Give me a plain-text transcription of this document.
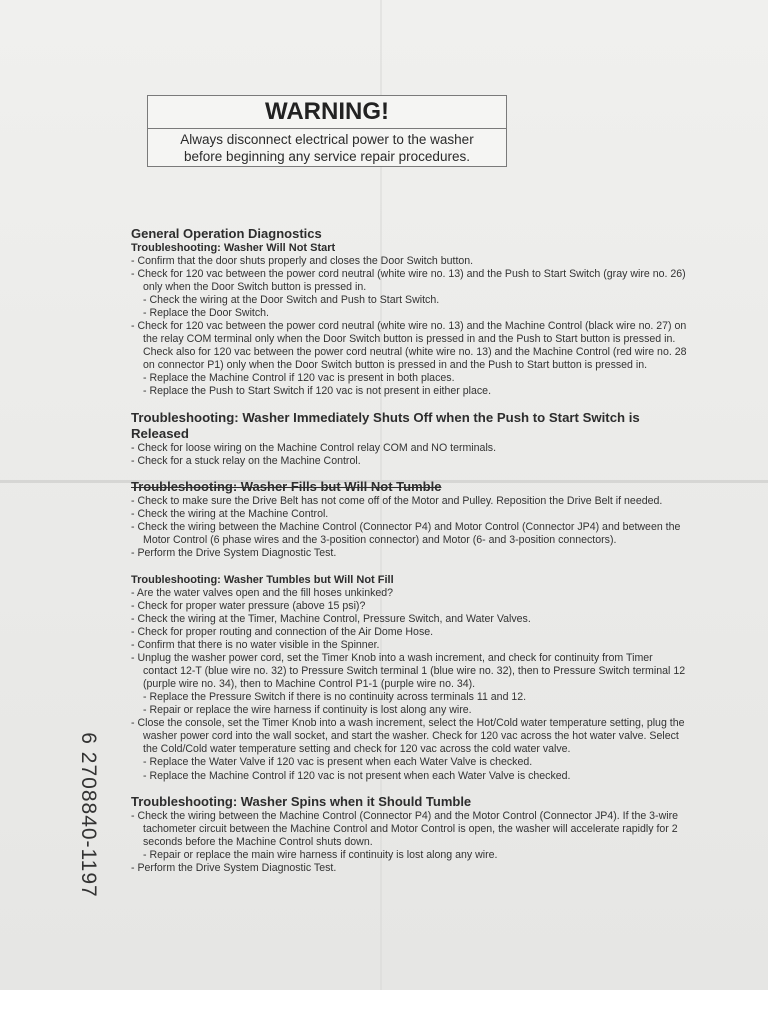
WARNING!
Always disconnect electrical power to the washer
before beginning any service repair procedures.
6 2708840-1197

General Operation Diagnostics

Troubleshooting: Washer Will Not Start

- Confirm that the door shuts properly and closes the Door Switch button.

- Check for 120 vac between the power cord neutral (white wire no. 13) and the Push to Start Switch (gray wire no. 26)

only when the Door Switch button is pressed in.

- Check the wiring at the Door Switch and Push to Start Switch.

- Replace the Door Switch.

- Check for 120 vac between the power cord neutral (white wire no. 13) and the Machine Control (black wire no. 27) on

the relay COM terminal only when the Door Switch button is pressed in and the Push to Start button is pressed in.

Check also for 120 vac between the power cord neutral (white wire no. 13) and the Machine Control (red wire no. 28

on connector P1) only when the Door Switch button is pressed in and the Push to Start button is pressed in.

- Replace the Machine Control if 120 vac is present in both places.

- Replace the Push to Start Switch if 120 vac is not present in either place.

Troubleshooting: Washer Immediately Shuts Off when the Push to Start Switch is

Released

- Check for loose wiring on the Machine Control relay COM and NO terminals.

- Check for a stuck relay on the Machine Control.

Troubleshooting: Washer Fills but Will Not Tumble

- Check to make sure the Drive Belt has not come off of the Motor and Pulley. Reposition the Drive Belt if needed.

- Check the wiring at the Machine Control.

- Check the wiring between the Machine Control (Connector P4) and Motor Control (Connector JP4) and between the

Motor Control (6 phase wires and the 3-position connector) and Motor (6- and 3-position connectors).

- Perform the Drive System Diagnostic Test.

Troubleshooting: Washer Tumbles but Will Not Fill

- Are the water valves open and the fill hoses unkinked?

- Check for proper water pressure (above 15 psi)?

- Check the wiring at the Timer, Machine Control, Pressure Switch, and Water Valves.

- Check for proper routing and connection of the Air Dome Hose.

- Confirm that there is no water visible in the Spinner.

- Unplug the washer power cord, set the Timer Knob into a wash increment, and check for continuity from Timer

contact 12-T (blue wire no. 32) to Pressure Switch terminal 1 (blue wire no. 32), then to Pressure Switch terminal 12

(purple wire no. 34), then to Machine Control P1-1 (purple wire no. 34).

- Replace the Pressure Switch if there is no continuity across terminals 11 and 12.

- Repair or replace the wire harness if continuity is lost along any wire.

- Close the console, set the Timer Knob into a wash increment, select the Hot/Cold water temperature setting, plug the

washer power cord into the wall socket, and start the washer. Check for 120 vac across the hot water valve. Select

the Cold/Cold water temperature setting and check for 120 vac across the cold water valve.

- Replace the Water Valve if 120 vac is present when each Water Valve is checked.

- Replace the Machine Control if 120 vac is not present when each Water Valve is checked.

Troubleshooting: Washer Spins when it Should Tumble

- Check the wiring between the Machine Control (Connector P4) and the Motor Control (Connector JP4). If the 3-wire

tachometer circuit between the Machine Control and Motor Control is open, the washer will accelerate rapidly for 2

seconds before the Machine Control shuts down.

- Repair or replace the main wire harness if continuity is lost along any wire.

- Perform the Drive System Diagnostic Test.
